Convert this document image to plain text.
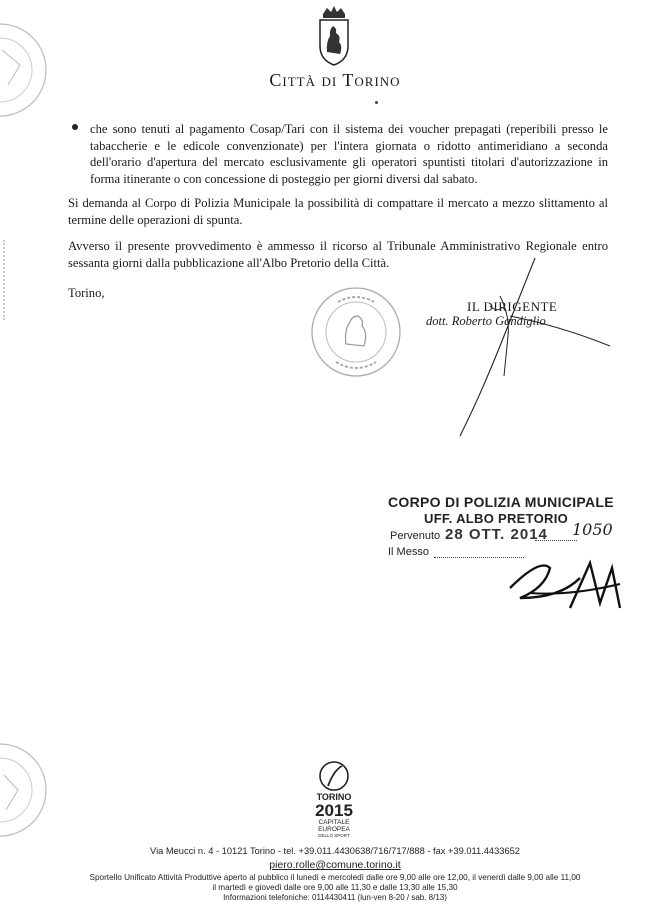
Città di Torino
che sono tenuti al pagamento Cosap/Tari con il sistema dei voucher prepagati (reperibili presso le tabaccherie e le edicole convenzionate) per l'intera giornata o ridotto antimeridiano a seconda dell'orario d'apertura del mercato esclusivamente gli operatori spuntisti titolari d'autorizzazione in forma itinerante o con concessione di posteggio per giorni diversi dal sabato.
Si demanda al Corpo di Polizia Municipale la possibilità di compattare il mercato a mezzo slittamento al termine delle operazioni di spunta.
Avverso il presente provvedimento è ammesso il ricorso al Tribunale Amministrativo Regionale entro sessanta giorni dalla pubblicazione all'Albo Pretorio della Città.
Torino,
IL DIRIGENTE
dott. Roberto Gandiglio
CORPO DI POLIZIA MUNICIPALE
UFF. ALBO PRETORIO
Pervenuto 28 OTT. 2014 1050
Il Messo
TORINO
2015
CAPITALE
EUROPEA
DELLO SPORT
Via Meucci n. 4 - 10121 Torino - tel. +39.011.4430638/716/717/888 - fax +39.011.4433652
piero.rolle@comune.torino.it
Sportello Unificato Attività Produttive aperto al pubblico il lunedì e mercoledì dalle ore 9,00 alle ore 12,00, il venerdì dalle 9,00 alle 11,00
il martedì e giovedì dalle ore 9,00 alle 11,30 e dalle 13,30 alle 15,30
Informazioni telefoniche: 0114430411 (lun-ven 8-20 / sab. 8/13)
